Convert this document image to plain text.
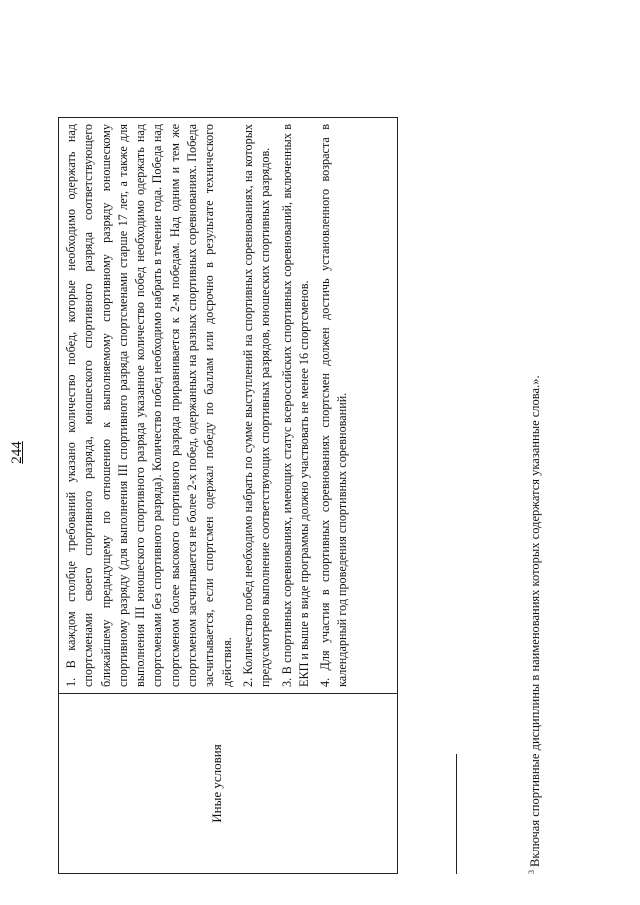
244
Иные условия

1. В каждом столбце требований указано количество побед, которые необходимо одержать над спортсменами своего спортивного разряда, юношеского спортивного разряда соответствующего ближайшему предыдущему по отношению к выполняемому спортивному разряду юношескому спортивному разряду (для выполнения III спортивного разряда спортсменами старше 17 лет, а также для выполнения III юношеского спортивного разряда указанное количество побед необходимо одержать над спортсменами без спортивного разряда). Количество побед необходимо набрать в течение года. Победа над спортсменом более высокого спортивного разряда приравнивается к 2-м победам. Над одним и тем же спортсменом засчитывается не более 2-х побед, одержанных на разных спортивных соревнованиях. Победа засчитывается, если спортсмен одержал победу по баллам или досрочно в результате технического действия. 2. Количество побед необходимо набрать по сумме выступлений на спортивных соревнованиях, на которых предусмотрено выполнение соответствующих спортивных разрядов, юношеских спортивных разрядов. 3. В спортивных соревнованиях, имеющих статус всероссийских спортивных соревнований, включенных в ЕКП и выше в виде программы должно участвовать не менее 16 спортсменов. 4. Для участия в спортивных соревнованиях спортсмен должен достичь установленного возраста в календарный год проведения спортивных соревнований.

$^3$Включая спортивные дисциплины в наименованиях которых содержатся указанные слова.».
